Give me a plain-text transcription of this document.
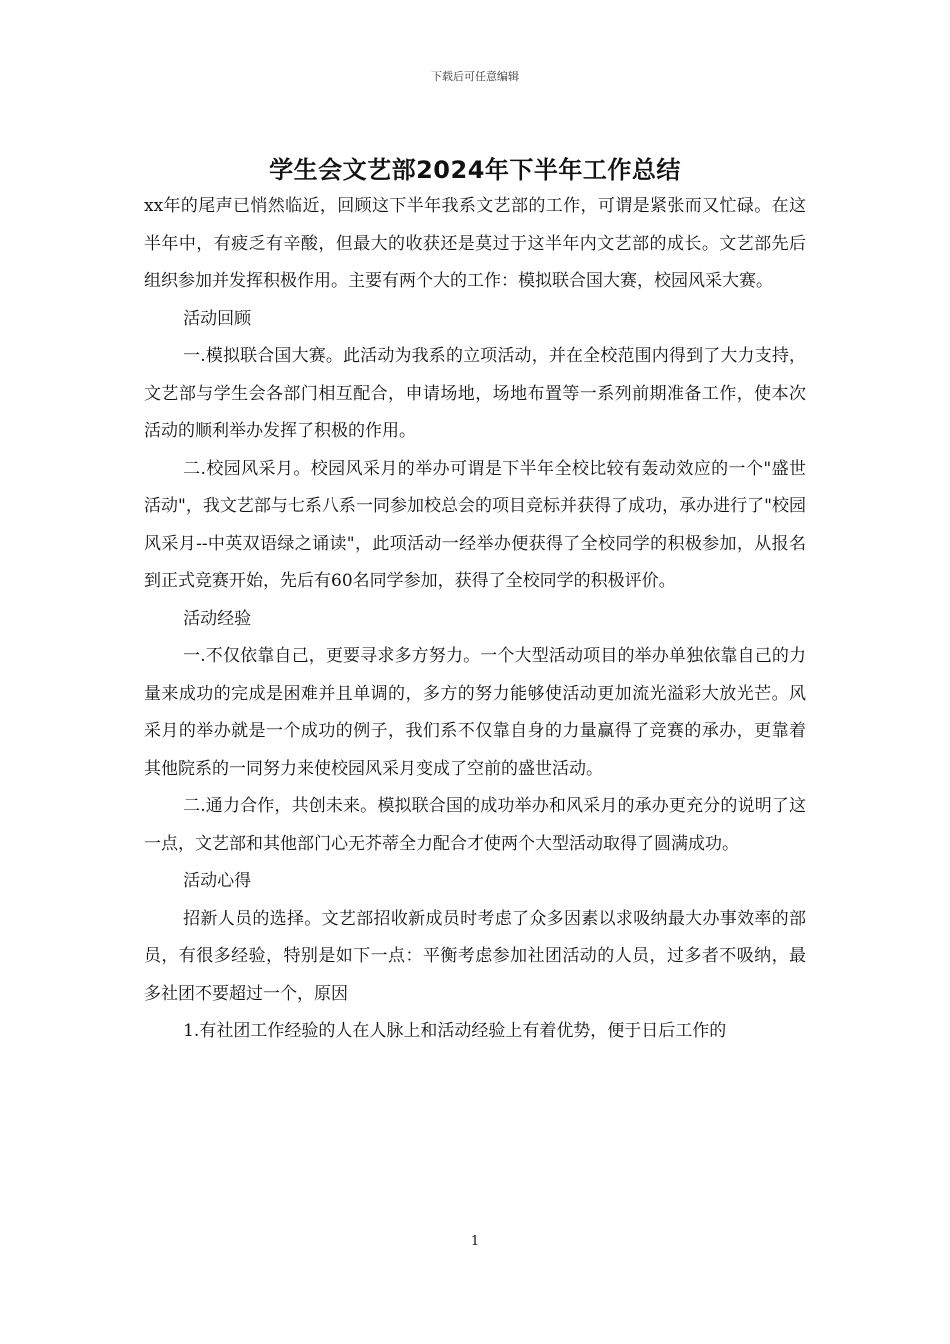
下载后可任意编辑
学生会文艺部2024年下半年工作总结

xx年的尾声已悄然临近，回顾这下半年我系文艺部的工作，可谓是紧张而又忙碌。在这半年中，有疲乏有辛酸，但最大的收获还是莫过于这半年内文艺部的成长。文艺部先后组织参加并发挥积极作用。主要有两个大的工作：模拟联合国大赛，校园风采大赛。

活动回顾

一.模拟联合国大赛。此活动为我系的立项活动，并在全校范围内得到了大力支持，文艺部与学生会各部门相互配合，申请场地，场地布置等一系列前期准备工作，使本次活动的顺利举办发挥了积极的作用。

二.校园风采月。校园风采月的举办可谓是下半年全校比较有轰动效应的一个"盛世活动"，我文艺部与七系八系一同参加校总会的项目竞标并获得了成功，承办进行了"校园风采月--中英双语绿之诵读"，此项活动一经举办便获得了全校同学的积极参加，从报名到正式竞赛开始，先后有60名同学参加，获得了全校同学的积极评价。

活动经验

一.不仅依靠自己，更要寻求多方努力。一个大型活动项目的举办单独依靠自己的力量来成功的完成是困难并且单调的，多方的努力能够使活动更加流光溢彩大放光芒。风采月的举办就是一个成功的例子，我们系不仅靠自身的力量赢得了竞赛的承办，更靠着其他院系的一同努力来使校园风采月变成了空前的盛世活动。

二.通力合作，共创未来。模拟联合国的成功举办和风采月的承办更充分的说明了这一点，文艺部和其他部门心无芥蒂全力配合才使两个大型活动取得了圆满成功。

活动心得

招新人员的选择。文艺部招收新成员时考虑了众多因素以求吸纳最大办事效率的部员，有很多经验，特别是如下一点：平衡考虑参加社团活动的人员，过多者不吸纳，最多社团不要超过一个，原因

1.有社团工作经验的人在人脉上和活动经验上有着优势，便于日后工作的

1
